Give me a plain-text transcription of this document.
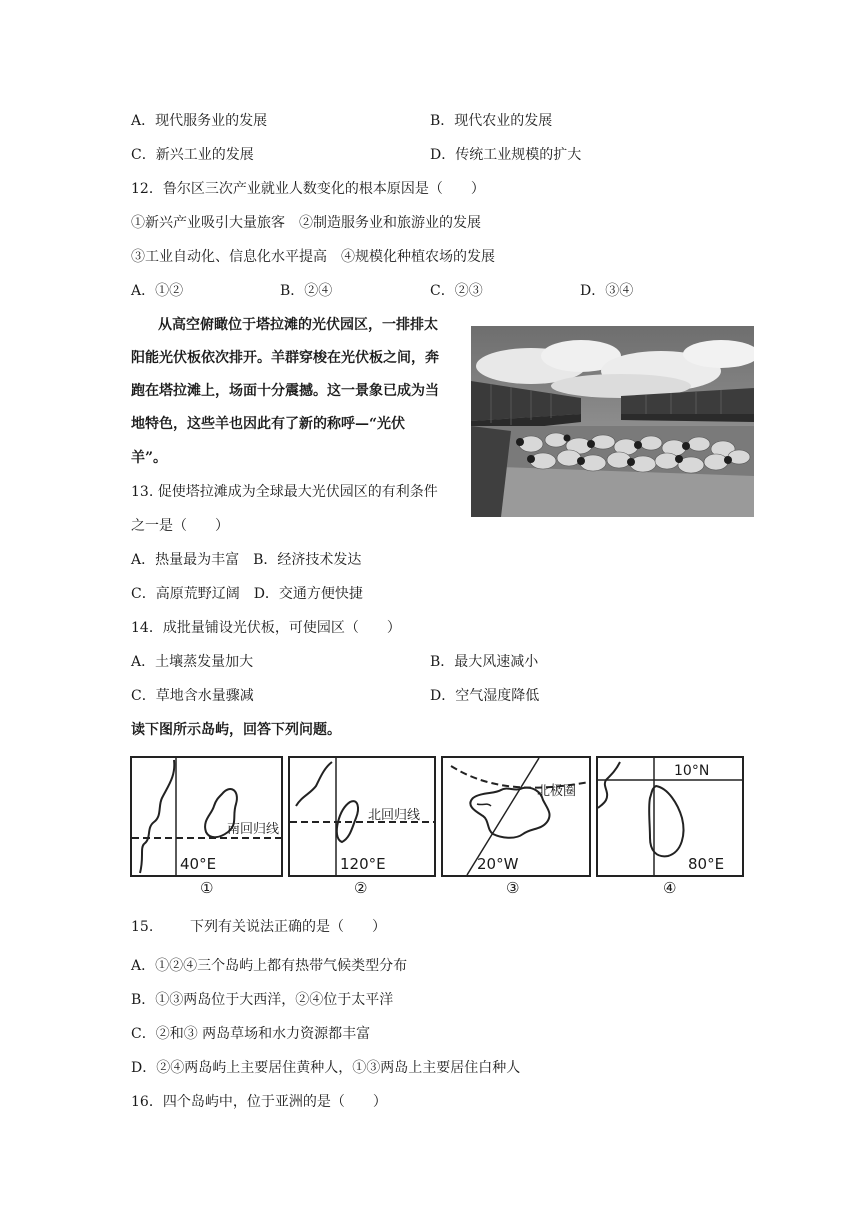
A．现代服务业的发展	B．现代农业的发展
C．新兴工业的发展	D．传统工业规模的扩大
12．鲁尔区三次产业就业人数变化的根本原因是（　　）
①新兴产业吸引大量旅客　②制造服务业和旅游业的发展
③工业自动化、信息化水平提高　④规模化种植农场的发展
A．①②	B．②④	C．②③	D．③④
从高空俯瞰位于塔拉滩的光伏园区，一排排太
阳能光伏板依次排开。羊群穿梭在光伏板之间，奔
跑在塔拉滩上，场面十分震撼。这一景象已成为当
地特色，这些羊也因此有了新的称呼—“光伏
羊”。
13. 促使塔拉滩成为全球最大光伏园区的有利条件
之一是（　　）
A．热量最为丰富　B．经济技术发达
C．高原荒野辽阔　D．交通方便快捷
14．成批量铺设光伏板，可使园区（　　）
A．土壤蒸发量加大	B．最大风速减小
C．草地含水量骤减	D．空气湿度降低
读下图所示岛屿，回答下列问题。
南回归线
40°E
北回归线
120°E
北极圈
20°W
10°N
80°E
①	②	③	④
15.	下列有关说法正确的是（　　）
A．①②④三个岛屿上都有热带气候类型分布
B．①③两岛位于大西洋，②④位于太平洋
C．②和③ 两岛草场和水力资源都丰富
D．②④两岛屿上主要居住黄种人，①③两岛上主要居住白种人
16．四个岛屿中，位于亚洲的是（　　）
